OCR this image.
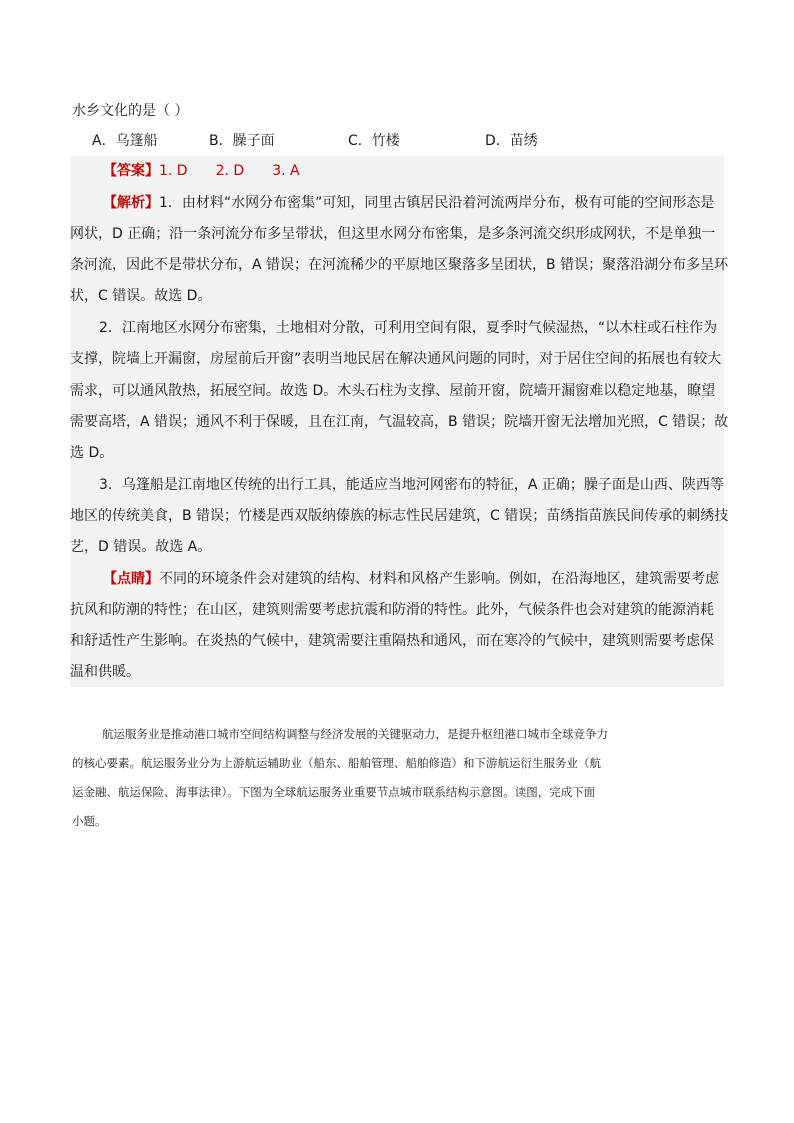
水乡文化的是（ ）
A．乌篷船	B．臊子面	C．竹楼	D．苗绣
【答案】1. D 2. D 3. A
【解析】1．由材料“水网分布密集”可知，同里古镇居民沿着河流两岸分布，极有可能的空间形态是
网状，D 正确；沿一条河流分布多呈带状，但这里水网分布密集，是多条河流交织形成网状，不是单独一
条河流，因此不是带状分布，A 错误；在河流稀少的平原地区聚落多呈团状，B 错误；聚落沿湖分布多呈环
状，C 错误。故选 D。
2．江南地区水网分布密集，土地相对分散，可利用空间有限，夏季时气候湿热，“以木柱或石柱作为
支撑，院墙上开漏窗，房屋前后开窗”表明当地民居在解决通风问题的同时，对于居住空间的拓展也有较大
需求，可以通风散热，拓展空间。故选 D。木头石柱为支撑、屋前开窗，院墙开漏窗难以稳定地基，瞭望
需要高塔，A 错误；通风不利于保暖，且在江南，气温较高，B 错误；院墙开窗无法增加光照，C 错误；故
选 D。
3．乌篷船是江南地区传统的出行工具，能适应当地河网密布的特征，A 正确；臊子面是山西、陕西等
地区的传统美食，B 错误；竹楼是西双版纳傣族的标志性民居建筑，C 错误；苗绣指苗族民间传承的刺绣技
艺，D 错误。故选 A。
【点睛】不同的环境条件会对建筑的结构、材料和风格产生影响。例如，在沿海地区，建筑需要考虑
抗风和防潮的特性；在山区，建筑则需要考虑抗震和防滑的特性。此外，气候条件也会对建筑的能源消耗
和舒适性产生影响。在炎热的气候中，建筑需要注重隔热和通风，而在寒冷的气候中，建筑则需要考虑保
温和供暖。
航运服务业是推动港口城市空间结构调整与经济发展的关键驱动力，是提升枢纽港口城市全球竞争力
的核心要素。航运服务业分为上游航运辅助业（船东、船舶管理、船舶修造）和下游航运衍生服务业（航
运金融、航运保险、海事法律）。下图为全球航运服务业重要节点城市联系结构示意图。读图，完成下面
小题。
